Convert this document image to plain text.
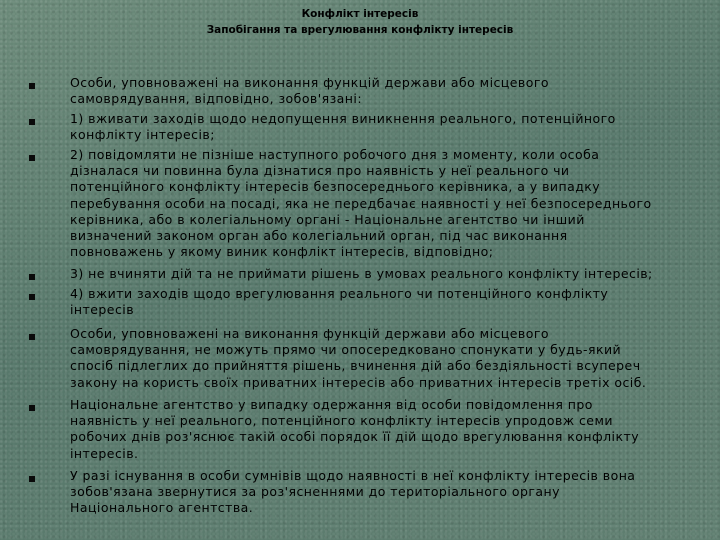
Конфлікт інтересів
Запобігання та врегулювання конфлікту інтересів
Особи, уповноважені на виконання функцій держави або місцевого
самоврядування, відповідно, зобов'язані:
1) вживати заходів щодо недопущення виникнення реального, потенційного
конфлікту інтересів;
2) повідомляти не пізніше наступного робочого дня з моменту, коли особа
дізналася чи повинна була дізнатися про наявність у неї реального чи
потенційного конфлікту інтересів безпосереднього керівника, а у випадку
перебування особи на посаді, яка не передбачає наявності у неї безпосереднього
керівника, або в колегіальному органі - Національне агентство чи інший
визначений законом орган або колегіальний орган, під час виконання
повноважень у якому виник конфлікт інтересів, відповідно;
3) не вчиняти дій та не приймати рішень в умовах реального конфлікту інтересів;
4) вжити заходів щодо врегулювання реального чи потенційного конфлікту
інтересів
Особи, уповноважені на виконання функцій держави або місцевого
самоврядування, не можуть прямо чи опосередковано спонукати у будь-який
спосіб підлеглих до прийняття рішень, вчинення дій або бездіяльності всупереч
закону на користь своїх приватних інтересів або приватних інтересів третіх осіб.
Національне агентство у випадку одержання від особи повідомлення про
наявність у неї реального, потенційного конфлікту інтересів упродовж семи
робочих днів роз'яснює такій особі порядок її дій щодо врегулювання конфлікту
інтересів.
У разі існування в особи сумнівів щодо наявності в неї конфлікту інтересів вона
зобов'язана звернутися за роз'ясненнями до територіального органу
Національного агентства.
